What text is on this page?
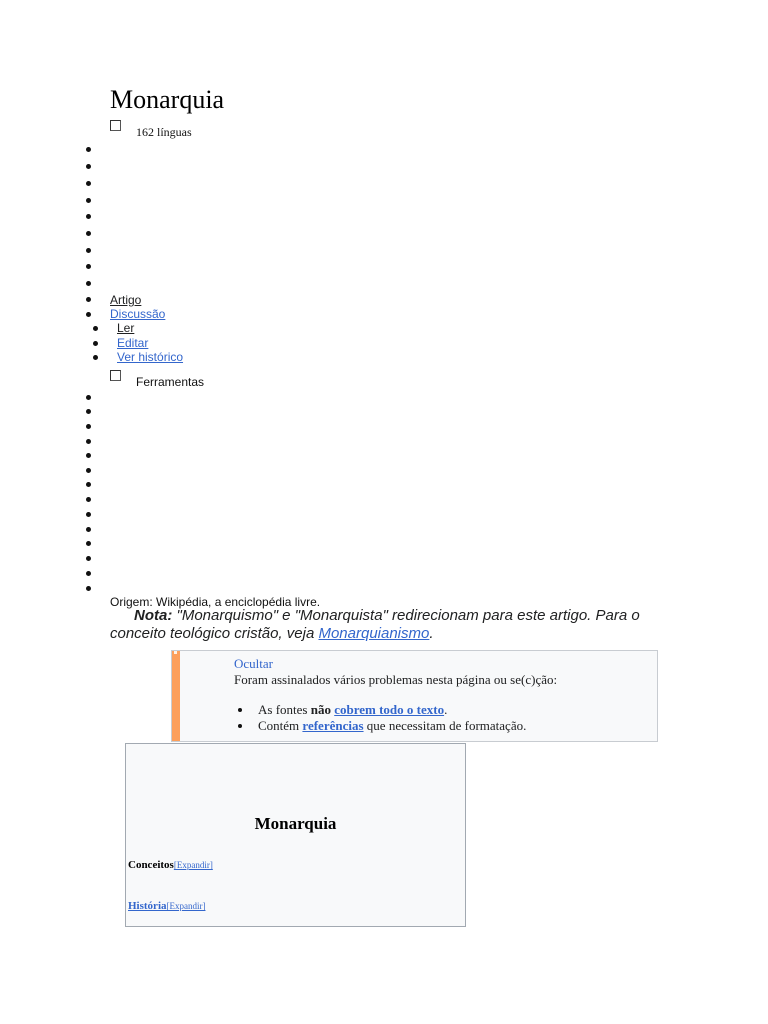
Monarquia
162 línguas
Artigo
Discussão
Ler
Editar
Ver histórico
Ferramentas
Origem: Wikipédia, a enciclopédia livre.
Nota: "Monarquismo" e "Monarquista" redirecionam para este artigo. Para o conceito teológico cristão, veja Monarquianismo.
Ocultar
Foram assinalados vários problemas nesta página ou se(c)ção:
As fontes não cobrem todo o texto.
Contém referências que necessitam de formatação.
Monarquia
Conceitos[Expandir]
História[Expandir]
